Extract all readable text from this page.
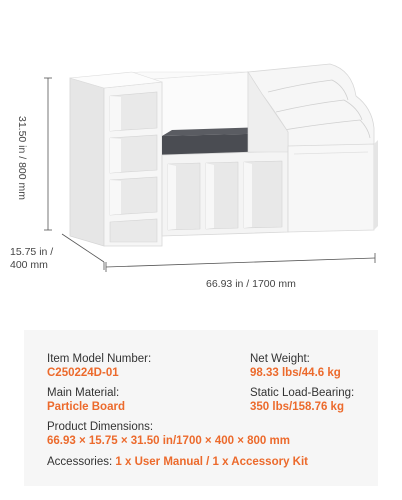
31.50 in / 800 mm
15.75 in /
400 mm
66.93 in / 1700 mm
Item Model Number:
C250224D-01
Net Weight:
98.33 lbs/44.6 kg
Main Material:
Particle Board
Static Load-Bearing:
350 lbs/158.76 kg
Product Dimensions:
66.93 × 15.75 × 31.50 in/1700 × 400 × 800 mm
Accessories: 1 x User Manual / 1 x Accessory Kit
